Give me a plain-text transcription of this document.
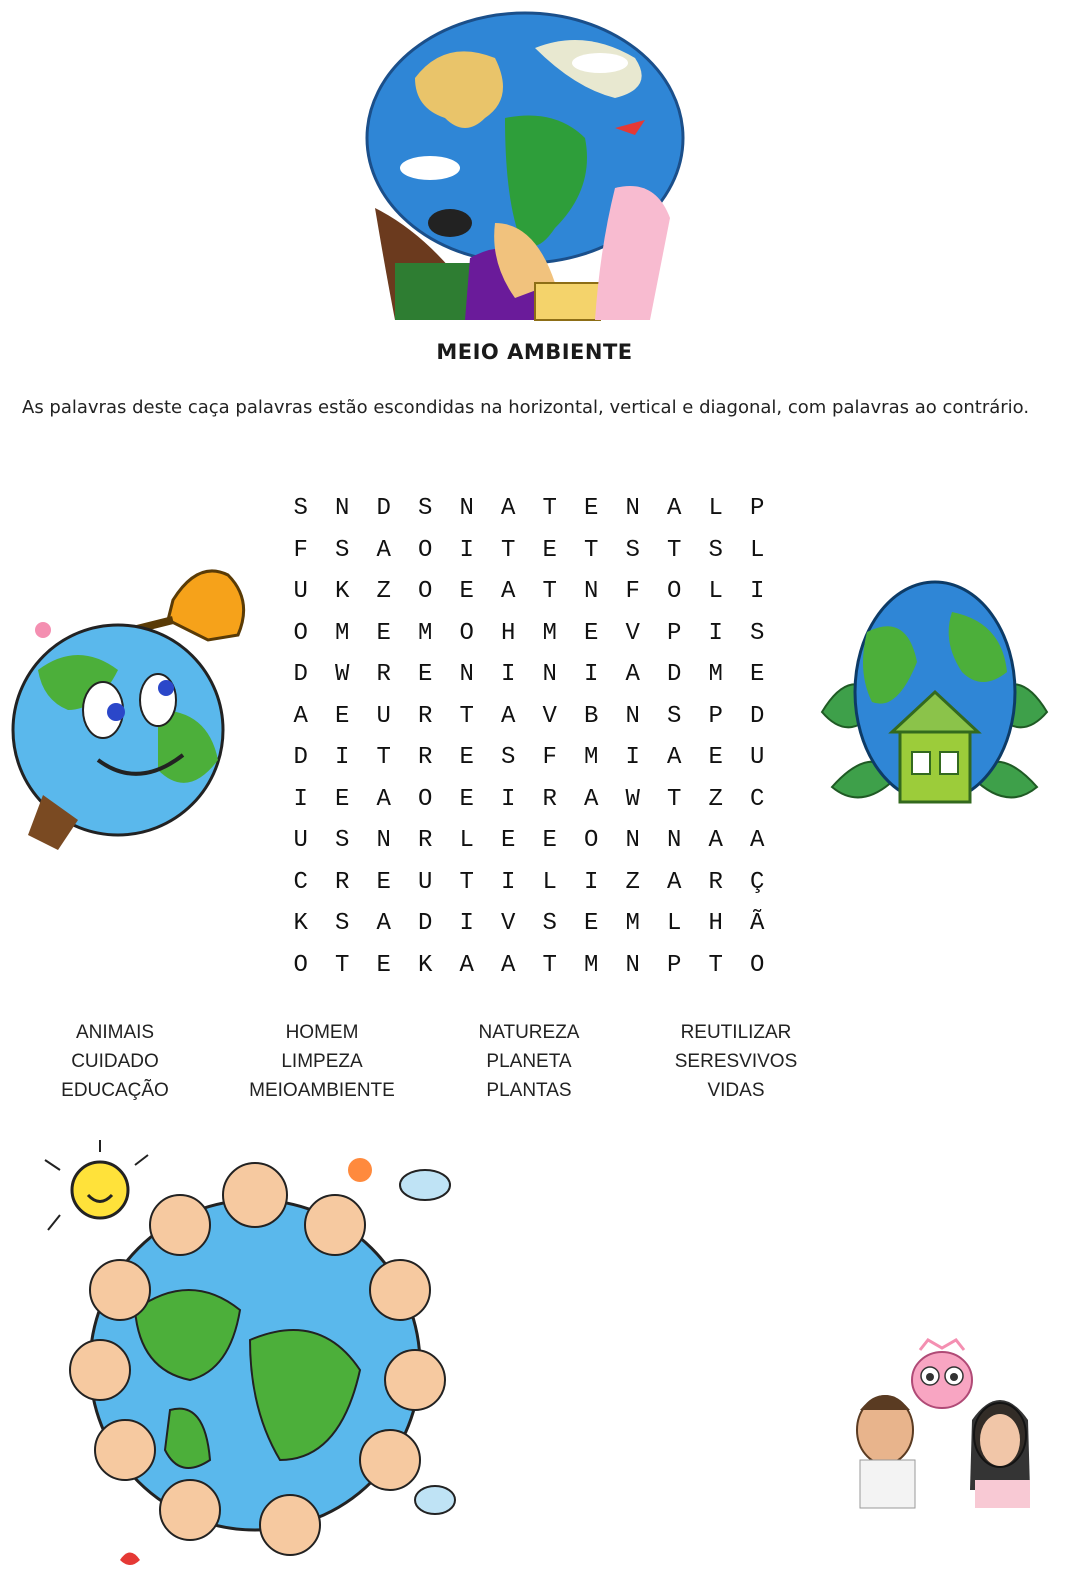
MEIO AMBIENTE
As palavras deste caça palavras estão escondidas na horizontal, vertical e diagonal, com palavras ao contrário.
S	N	D	S	N	A	T	E	N	A	L	P
F	S	A	O	I	T	E	T	S	T	S	L
U	K	Z	O	E	A	T	N	F	O	L	I
O	M	E	M	O	H	M	E	V	P	I	S
D	W	R	E	N	I	N	I	A	D	M	E
A	E	U	R	T	A	V	B	N	S	P	D
D	I	T	R	E	S	F	M	I	A	E	U
I	E	A	O	E	I	R	A	W	T	Z	C
U	S	N	R	L	E	E	O	N	N	A	A
C	R	E	U	T	I	L	I	Z	A	R	Ç
K	S	A	D	I	V	S	E	M	L	H	Ã
O	T	E	K	A	A	T	M	N	P	T	O
ANIMAIS
CUIDADO
EDUCAÇÃO
HOMEM
LIMPEZA
MEIOAMBIENTE
NATUREZA
PLANETA
PLANTAS
REUTILIZAR
SERESVIVOS
VIDAS
